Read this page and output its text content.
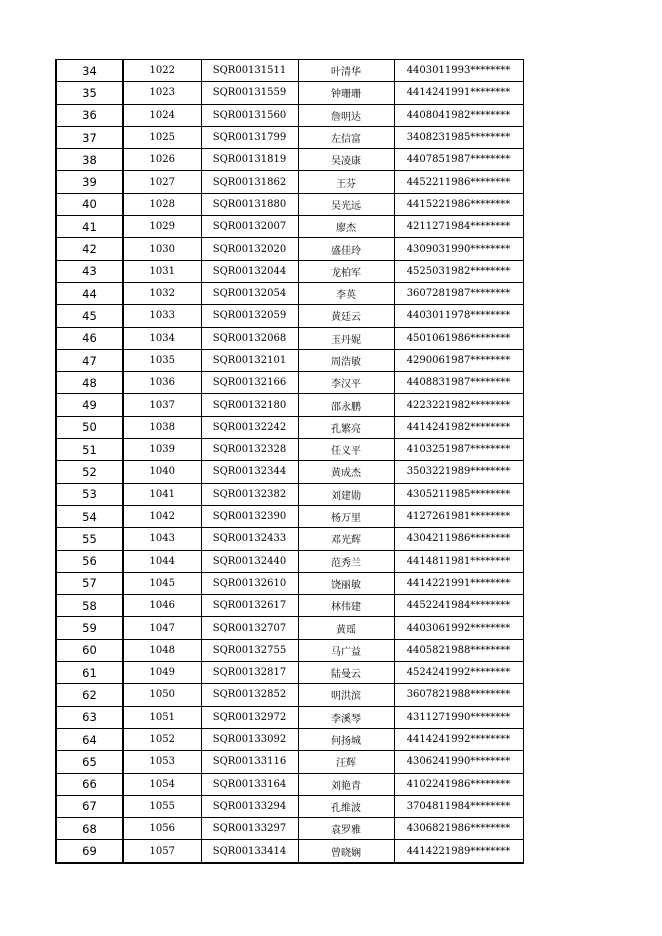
34	1022	SQR00131511	叶清华	4403011993********
35	1023	SQR00131559	钟珊珊	4414241991********
36	1024	SQR00131560	詹明达	4408041982********
37	1025	SQR00131799	左信富	3408231985********
38	1026	SQR00131819	吴凌康	4407851987********
39	1027	SQR00131862	王芬	4452211986********
40	1028	SQR00131880	吴光远	4415221986********
41	1029	SQR00132007	廖杰	4211271984********
42	1030	SQR00132020	盛佳玲	4309031990********
43	1031	SQR00132044	龙柏军	4525031982********
44	1032	SQR00132054	李英	3607281987********
45	1033	SQR00132059	黄廷云	4403011978********
46	1034	SQR00132068	玉丹妮	4501061986********
47	1035	SQR00132101	周浩敏	4290061987********
48	1036	SQR00132166	李汉平	4408831987********
49	1037	SQR00132180	邵永鹏	4223221982********
50	1038	SQR00132242	孔繁亮	4414241982********
51	1039	SQR00132328	任义平	4103251987********
52	1040	SQR00132344	黄成杰	3503221989********
53	1041	SQR00132382	刘建勋	4305211985********
54	1042	SQR00132390	杨万里	4127261981********
55	1043	SQR00132433	邓光辉	4304211986********
56	1044	SQR00132440	范秀兰	4414811981********
57	1045	SQR00132610	饶丽敏	4414221991********
58	1046	SQR00132617	林伟建	4452241984********
59	1047	SQR00132707	黄瑶	4403061992********
60	1048	SQR00132755	马广益	4405821988********
61	1049	SQR00132817	陆曼云	4524241992********
62	1050	SQR00132852	明洪滨	3607821988********
63	1051	SQR00132972	李溪琴	4311271990********
64	1052	SQR00133092	何扬城	4414241992********
65	1053	SQR00133116	汪辉	4306241990********
66	1054	SQR00133164	刘艳青	4102241986********
67	1055	SQR00133294	孔维波	3704811984********
68	1056	SQR00133297	袁罗雅	4306821986********
69	1057	SQR00133414	曾晓娴	4414221989********
